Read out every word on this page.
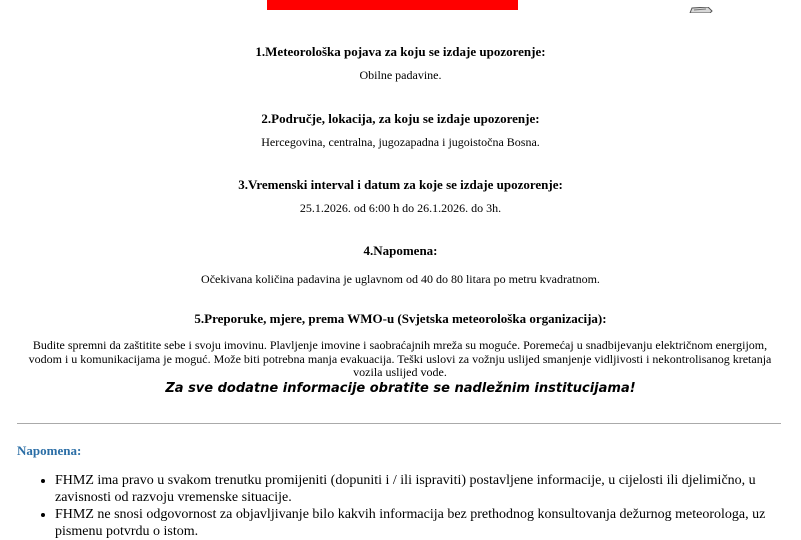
1.Meteorološka pojava za koju se izdaje upozorenje:
Obilne padavine.
2.Područje, lokacija, za koju se izdaje upozorenje:
Hercegovina, centralna, jugozapadna i jugoistočna Bosna.
3.Vremenski interval i datum za koje se izdaje upozorenje:
25.1.2026. od 6:00 h do 26.1.2026. do 3h.
4.Napomena:
Očekivana količina padavina je uglavnom od 40 do 80 litara po metru kvadratnom.
5.Preporuke, mjere, prema WMO-u (Svjetska meteorološka organizacija):
Budite spremni da zaštitite sebe i svoju imovinu. Plavljenje imovine i saobraćajnih mreža su moguće. Poremećaj u snadbijevanju električnom energijom, vodom i u komunikacijama je moguć. Može biti potrebna manja evakuacija. Teški uslovi za vožnju uslijed smanjenje vidljivosti i nekontrolisanog kretanja vozila uslijed vode.
Za sve dodatne informacije obratite se nadležnim institucijama!
Napomena:
• FHMZ ima pravo u svakom trenutku promijeniti (dopuniti i / ili ispraviti) postavljene informacije, u cijelosti ili djelimično, u zavisnosti od razvoju vremenske situacije.
• FHMZ ne snosi odgovornost za objavljivanje bilo kakvih informacija bez prethodnog konsultovanja dežurnog meteorologa, uz pismenu potvrdu o istom.
